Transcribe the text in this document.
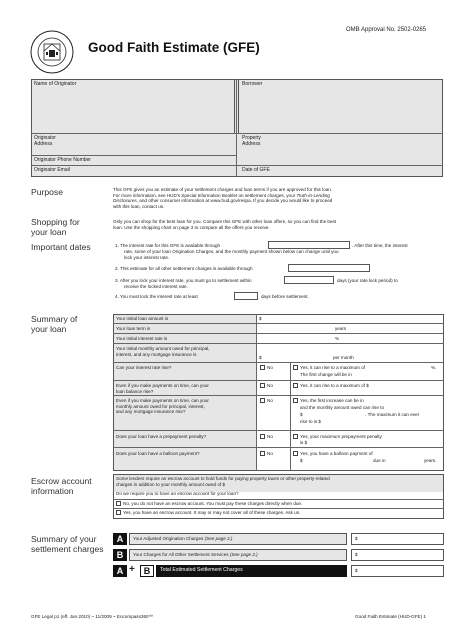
Good Faith Estimate (GFE)
OMB Approval No. 2502-0265
Name of Originator	Borrower
Originator
Address
Property
Address
Originator Phone Number
Originator Email	Date of GFE
Purpose	This GFE gives you an estimate of your settlement charges and loan terms if you are approved for this loan.
For more information, see HUD's Special Information Booklet on settlement charges, your Truth-in-Lending
Disclosures, and other consumer information at www.hud.gov/respa. If you decide you would like to proceed
with this loan, contact us.
Shopping for
your loan
Only you can shop for the best loan for you. Compare this GFE with other loan offers, so you can find the best
loan. Use the shopping chart on page 3 to compare all the offers you receive.
Important dates	1. The interest rate for this GFE is available through	. After this time, the interest
rate, some of your loan Origination Charges, and the monthly payment shown below can change until you
lock your interest rate.
2. This estimate for all other settlement charges is available through
3. After you lock your interest rate, you must go to settlement within	days (your rate lock period) to
receive the locked interest rate.
4. You must lock the interest rate at least	days before settlement.
Summary of
your loan
Your initial loan amount is	$
Your loan term is	years
Your initial interest rate is	%
Your initial monthly amount owed for principal,
interest, and any mortgage insurance is
$	per month
Can your interest rate rise?	No	Yes, it can rise to a maximum of	%.
The first change will be in
Even if you make payments on time, can your
loan balance rise?
No	Yes, it can rise to a maximum of $
Even if you make payments on time, can your
monthly amount owed for principal, interest,
and any mortgage insurance rise?
No	Yes, the first increase can be in
and the monthly amount owed can rise to
$	. The maximum it can ever
rise to is $
Does your loan have a prepayment penalty?	No	Yes, your maximum prepayment penalty
is $
Does your loan have a balloon payment?	No	Yes, you have a balloon payment of
$	due in	years.
Escrow account
information
Some lenders require an escrow account to hold funds for paying property taxes or other property-related
charges in addition to your monthly amount owed of $
Do we require you to have an escrow account for your loan?
No, you do not have an escrow account. You must pay these charges directly when due.
Yes, you have an escrow account. It may or may not cover all of these charges. Ask us.
Summary of your
settlement charges
A	Your Adjusted Origination Charges (See page 2.)	$
B	Your Charges for All Other Settlement Services (See page 2.)	$
A + B	Total Estimated Settlement Charges	$
GFE Legal p1 (eff. Jan 2010) ~ 11/2009 ~ Encompass360™	Good Faith Estimate (HUD-GFE) 1
